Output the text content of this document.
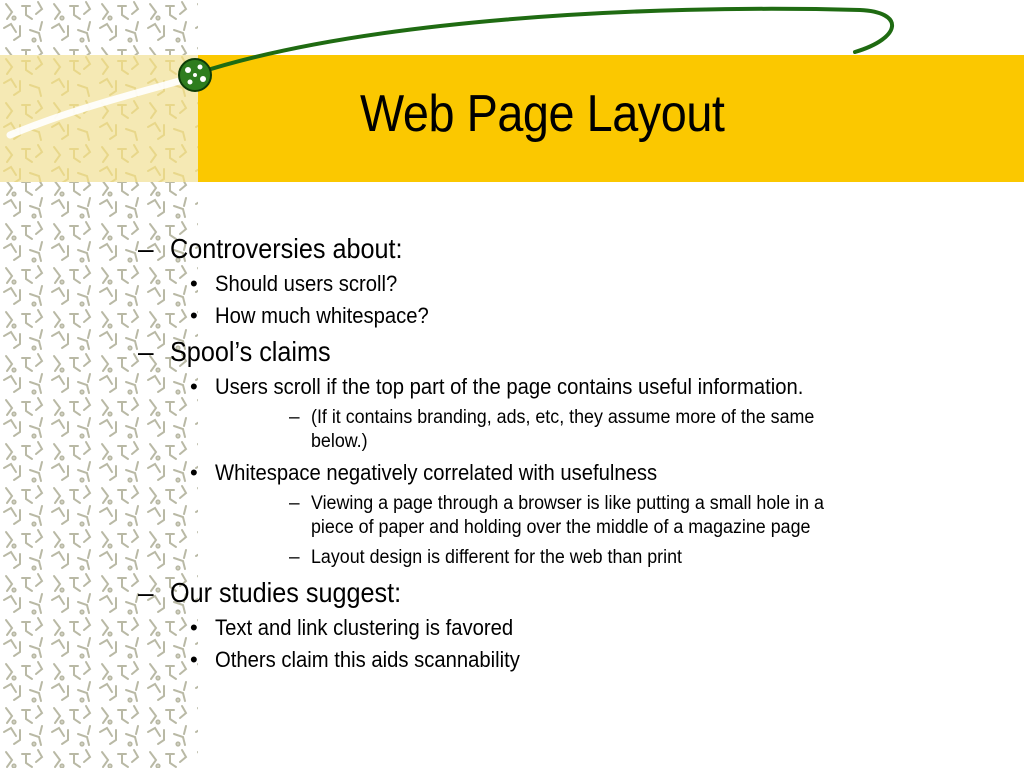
Web Page Layout
– Controversies about:
• Should users scroll?
• How much whitespace?
– Spool’s claims
• Users scroll if the top part of the page contains useful information.
– (If it contains branding, ads, etc, they assume more of the same below.)
• Whitespace negatively correlated with usefulness
– Viewing a page through a browser is like putting a small hole in a piece of paper and holding over the middle of a magazine page
– Layout design is different for the web than print
– Our studies suggest:
• Text and link clustering is favored
• Others claim this aids scannability
